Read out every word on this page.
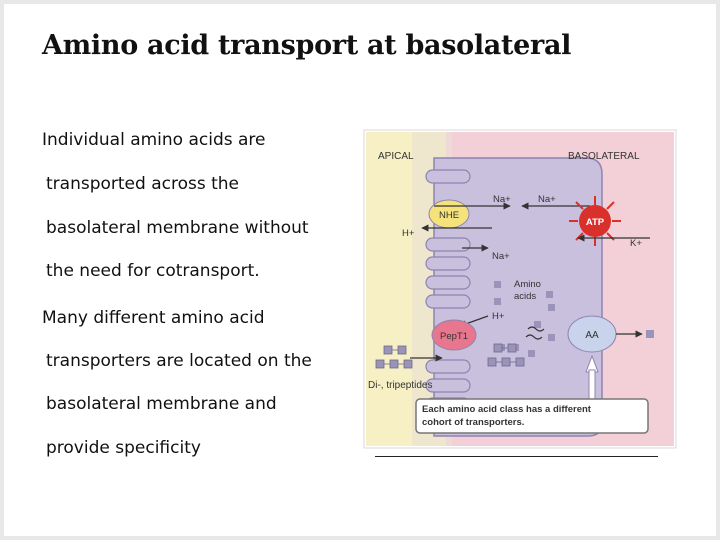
Amino acid transport at basolateral
Individual amino acids are
transported across the
basolateral membrane without
the need for cotransport.
Many different amino acid
transporters are located on the
basolateral membrane and
provide specificity
APICAL	BASOLATERAL
NHE
Na+	Na+
H+
ATP
K+
Na+
Amino
acids
H+
PepT1	AA
Di-, tripeptides
Each amino acid class has a different
cohort of transporters.
